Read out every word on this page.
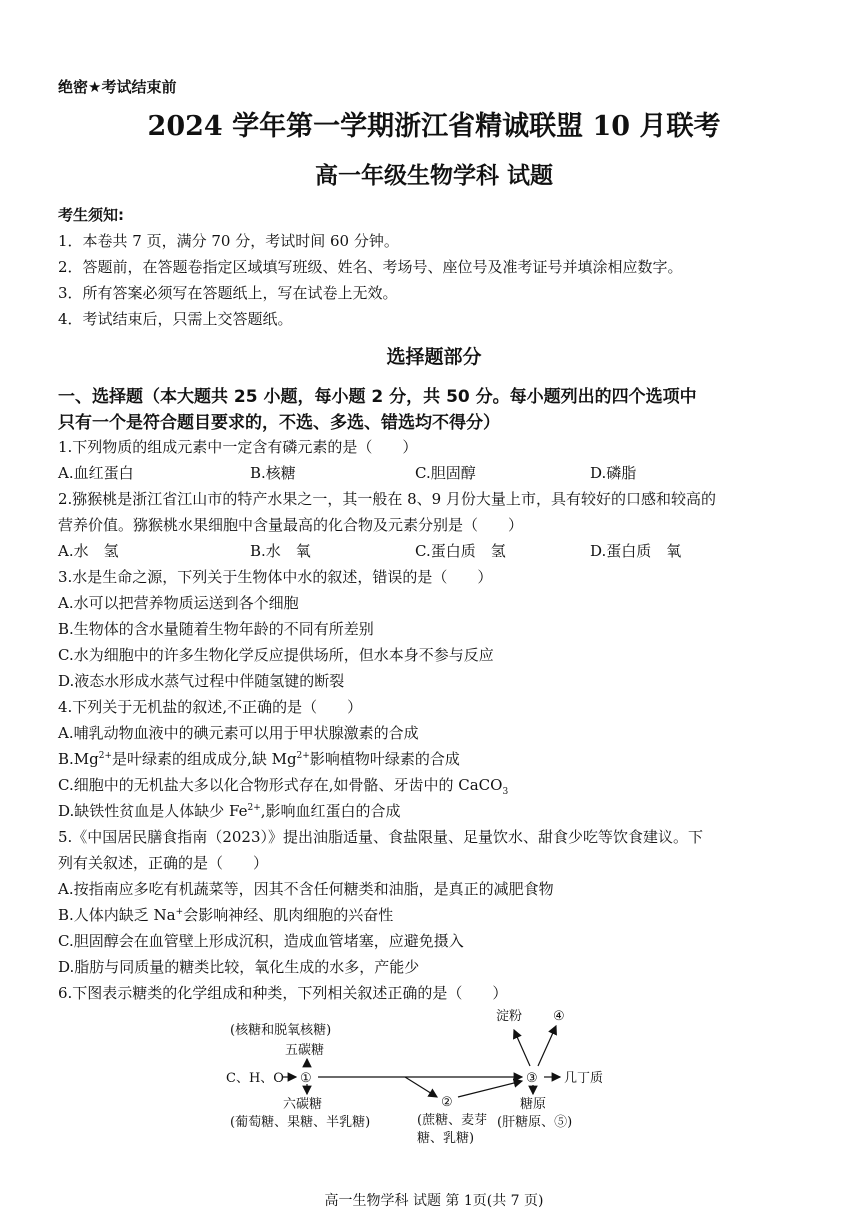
绝密★考试结束前
2024 学年第一学期浙江省精诚联盟 10 月联考
高一年级生物学科 试题
考生须知:
1．本卷共 7 页，满分 70 分，考试时间 60 分钟。
2．答题前，在答题卷指定区域填写班级、姓名、考场号、座位号及准考证号并填涂相应数字。
3．所有答案必须写在答题纸上，写在试卷上无效。
4．考试结束后，只需上交答题纸。
选择题部分
一、选择题（本大题共 25 小题，每小题 2 分，共 50 分。每小题列出的四个选项中
只有一个是符合题目要求的，不选、多选、错选均不得分）
1.下列物质的组成元素中一定含有磷元素的是（　　）
A.血红蛋白	B.核糖	C.胆固醇	D.磷脂
2.猕猴桃是浙江省江山市的特产水果之一，其一般在 8、9 月份大量上市，具有较好的口感和较高的
营养价值。猕猴桃水果细胞中含量最高的化合物及元素分别是（　　）
A.水　氢	B.水　氧	C.蛋白质　氢	D.蛋白质　氧
3.水是生命之源，下列关于生物体中水的叙述，错误的是（　　）
A.水可以把营养物质运送到各个细胞
B.生物体的含水量随着生物年龄的不同有所差别
C.水为细胞中的许多生物化学反应提供场所，但水本身不参与反应
D.液态水形成水蒸气过程中伴随氢键的断裂
4.下列关于无机盐的叙述,不正确的是（　　）
A.哺乳动物血液中的碘元素可以用于甲状腺激素的合成
$B.Mg^{2+}$是叶绿素的组成成分,缺 $Mg^{2+}$影响植物叶绿素的合成
C.细胞中的无机盐大多以化合物形式存在,如骨骼、牙齿中的 CaCO$_3$
D.缺铁性贫血是人体缺少 $Fe^{2+}$,影响血红蛋白的合成
5.《中国居民膳食指南（2023）》提出油脂适量、食盐限量、足量饮水、甜食少吃等饮食建议。下
列有关叙述，正确的是（　　）
A.按指南应多吃有机蔬菜等，因其不含任何糖类和油脂，是真正的减肥食物
B.人体内缺乏 Na+会影响神经、肌肉细胞的兴奋性
C.胆固醇会在血管壁上形成沉积，造成血管堵塞，应避免摄入
D.脂肪与同质量的糖类比较，氧化生成的水多，产能少
6.下图表示糖类的化学组成和种类，下列相关叙述正确的是（　　）
C、H、O ①
(核糖和脱氧核糖)
五碳糖
六碳糖
(葡萄糖、果糖、半乳糖)
②
(蔗糖、麦芽
糖、乳糖)
③ 几丁质
淀粉 ④
糖原
(肝糖原、⑤)
高一生物学科 试题 第 1页(共 7 页)
